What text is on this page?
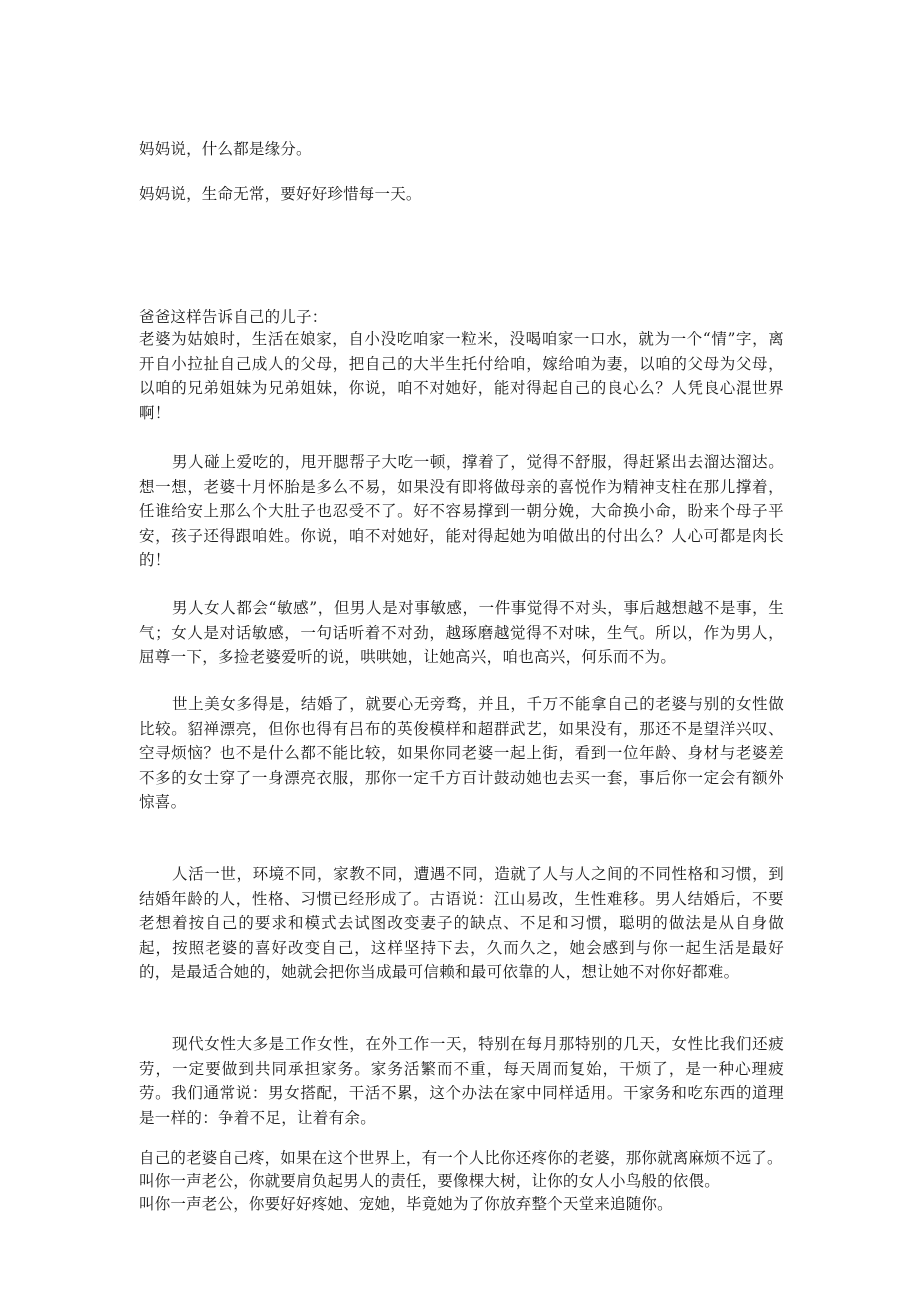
妈妈说，什么都是缘分。
妈妈说，生命无常，要好好珍惜每一天。
爸爸这样告诉自己的儿子：
老婆为姑娘时，生活在娘家，自小没吃咱家一粒米，没喝咱家一口水，就为一个“情”字，离开自小拉扯自己成人的父母，把自己的大半生托付给咱，嫁给咱为妻，以咱的父母为父母，以咱的兄弟姐妹为兄弟姐妹，你说，咱不对她好，能对得起自己的良心么？人凭良心混世界啊！
男人碰上爱吃的，甩开腮帮子大吃一顿，撑着了，觉得不舒服，得赶紧出去溜达溜达。想一想，老婆十月怀胎是多么不易，如果没有即将做母亲的喜悦作为精神支柱在那儿撑着，任谁给安上那么个大肚子也忍受不了。好不容易撑到一朝分娩，大命换小命，盼来个母子平安，孩子还得跟咱姓。你说，咱不对她好，能对得起她为咱做出的付出么？人心可都是肉长的！
男人女人都会“敏感”，但男人是对事敏感，一件事觉得不对头，事后越想越不是事，生气；女人是对话敏感，一句话听着不对劲，越琢磨越觉得不对味，生气。所以，作为男人，屈尊一下，多捡老婆爱听的说，哄哄她，让她高兴，咱也高兴，何乐而不为。
世上美女多得是，结婚了，就要心无旁骛，并且，千万不能拿自己的老婆与别的女性做比较。貂禅漂亮，但你也得有吕布的英俊模样和超群武艺，如果没有，那还不是望洋兴叹、空寻烦恼？也不是什么都不能比较，如果你同老婆一起上街，看到一位年龄、身材与老婆差不多的女士穿了一身漂亮衣服，那你一定千方百计鼓动她也去买一套，事后你一定会有额外惊喜。
人活一世，环境不同，家教不同，遭遇不同，造就了人与人之间的不同性格和习惯，到结婚年龄的人，性格、习惯已经形成了。古语说：江山易改，生性难移。男人结婚后，不要老想着按自己的要求和模式去试图改变妻子的缺点、不足和习惯，聪明的做法是从自身做起，按照老婆的喜好改变自己，这样坚持下去，久而久之，她会感到与你一起生活是最好的，是最适合她的，她就会把你当成最可信赖和最可依靠的人，想让她不对你好都难。
现代女性大多是工作女性，在外工作一天，特别在每月那特别的几天，女性比我们还疲劳，一定要做到共同承担家务。家务活繁而不重，每天周而复始，干烦了，是一种心理疲劳。我们通常说：男女搭配，干活不累，这个办法在家中同样适用。干家务和吃东西的道理是一样的：争着不足，让着有余。
自己的老婆自己疼，如果在这个世界上，有一个人比你还疼你的老婆，那你就离麻烦不远了。
叫你一声老公，你就要肩负起男人的责任，要像棵大树，让你的女人小鸟般的依偎。
叫你一声老公，你要好好疼她、宠她，毕竟她为了你放弃整个天堂来追随你。
